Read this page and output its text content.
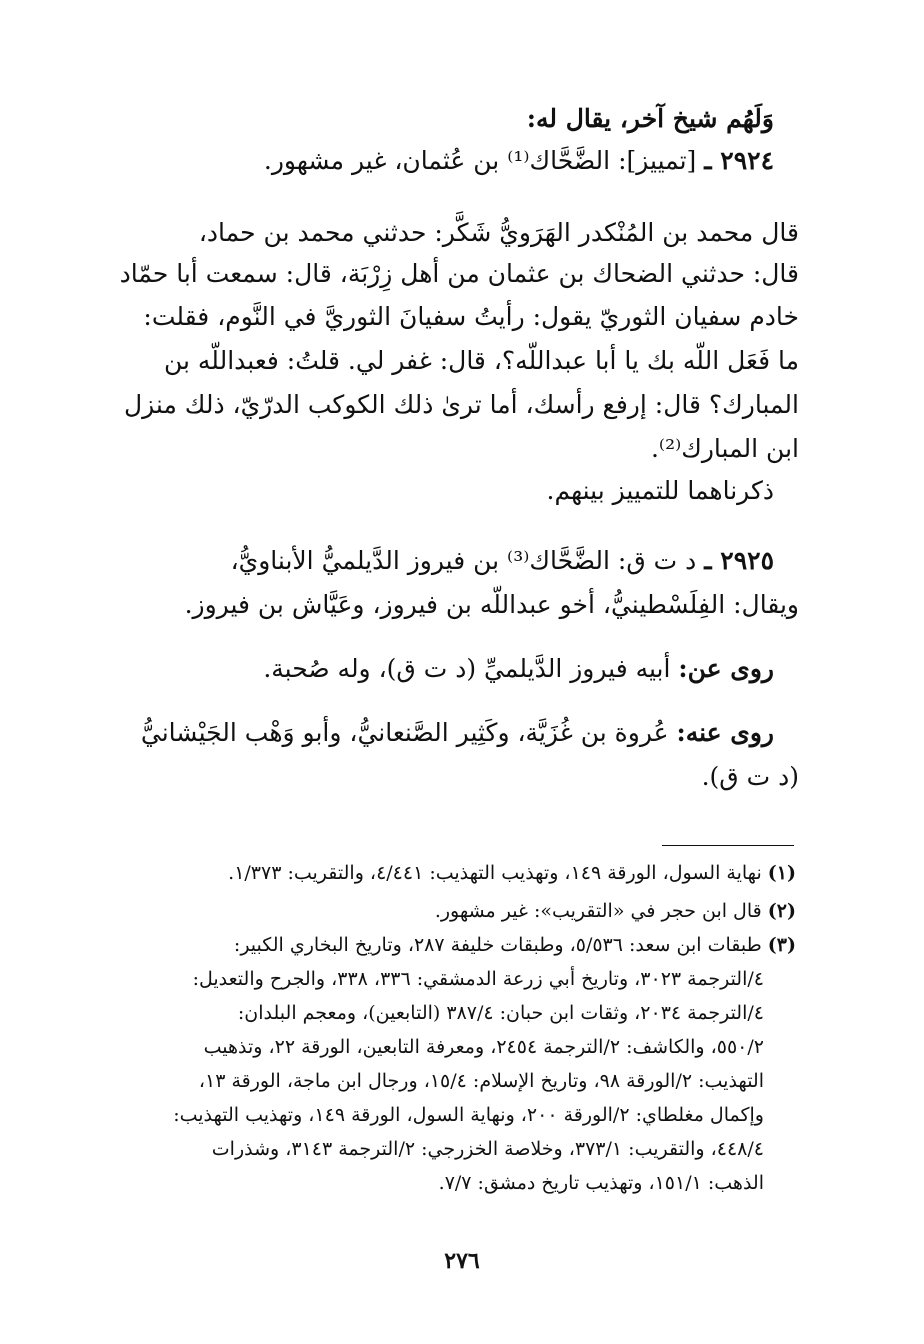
وَلَهُم شيخ آخر، يقال له:
٢٩٢٤ ـ [تمييز]: الضَّحَّاك⁽¹⁾ بن عُثمان، غير مشهور.
قال محمد بن المُنْكدر الهَرَويُّ شَكَّر: حدثني محمد بن حماد،
قال: حدثني الضحاك بن عثمان من أهل زِرْبَة، قال: سمعت أبا حمّاد
خادم سفيان الثوريّ يقول: رأيتُ سفيانَ الثوريَّ في النَّوم، فقلت:
ما فَعَل اللّه بك يا أبا عبداللّه؟، قال: غفر لي. قلتُ: فعبداللّه بن
المبارك؟ قال: إرفع رأسك، أما ترىٰ ذلك الكوكب الدرّيّ، ذلك منزل
ابن المبارك⁽²⁾.
ذكرناهما للتمييز بينهم.
٢٩٢٥ ـ د ت ق: الضَّحَّاك⁽³⁾ بن فيروز الدَّيلميُّ الأبناويُّ،
ويقال: الفِلَسْطينيُّ، أخو عبداللّه بن فيروز، وعَيَّاش بن فيروز.
روى عن: أبيه فيروز الدَّيلميِّ (د ت ق)، وله صُحبة.
روى عنه: عُروة بن غُزَيَّة، وكَثِير الصَّنعانيُّ، وأبو وَهْب الجَيْشانيُّ
(د ت ق).
(١) نهاية السول، الورقة ١٤٩، وتهذيب التهذيب: ٤/٤٤١، والتقريب: ١/٣٧٣.
(٢) قال ابن حجر في «التقريب»: غير مشهور.
(٣) طبقات ابن سعد: ٥/٥٣٦، وطبقات خليفة ٢٨٧، وتاريخ البخاري الكبير:
٤/الترجمة ٣٠٢٣، وتاريخ أبي زرعة الدمشقي: ٣٣٦، ٣٣٨، والجرح والتعديل:
٤/الترجمة ٢٠٣٤، وثقات ابن حبان: ٣٨٧/٤ (التابعين)، ومعجم البلدان:
٥٥٠/٢، والكاشف: ٢/الترجمة ٢٤٥٤، ومعرفة التابعين، الورقة ٢٢، وتذهيب
التهذيب: ٢/الورقة ٩٨، وتاريخ الإسلام: ١٥/٤، ورجال ابن ماجة، الورقة ١٣،
وإكمال مغلطاي: ٢/الورقة ٢٠٠، ونهاية السول، الورقة ١٤٩، وتهذيب التهذيب:
٤٤٨/٤، والتقريب: ٣٧٣/١، وخلاصة الخزرجي: ٢/الترجمة ٣١٤٣، وشذرات
الذهب: ١٥١/١، وتهذيب تاريخ دمشق: ٧/٧.
٢٧٦
